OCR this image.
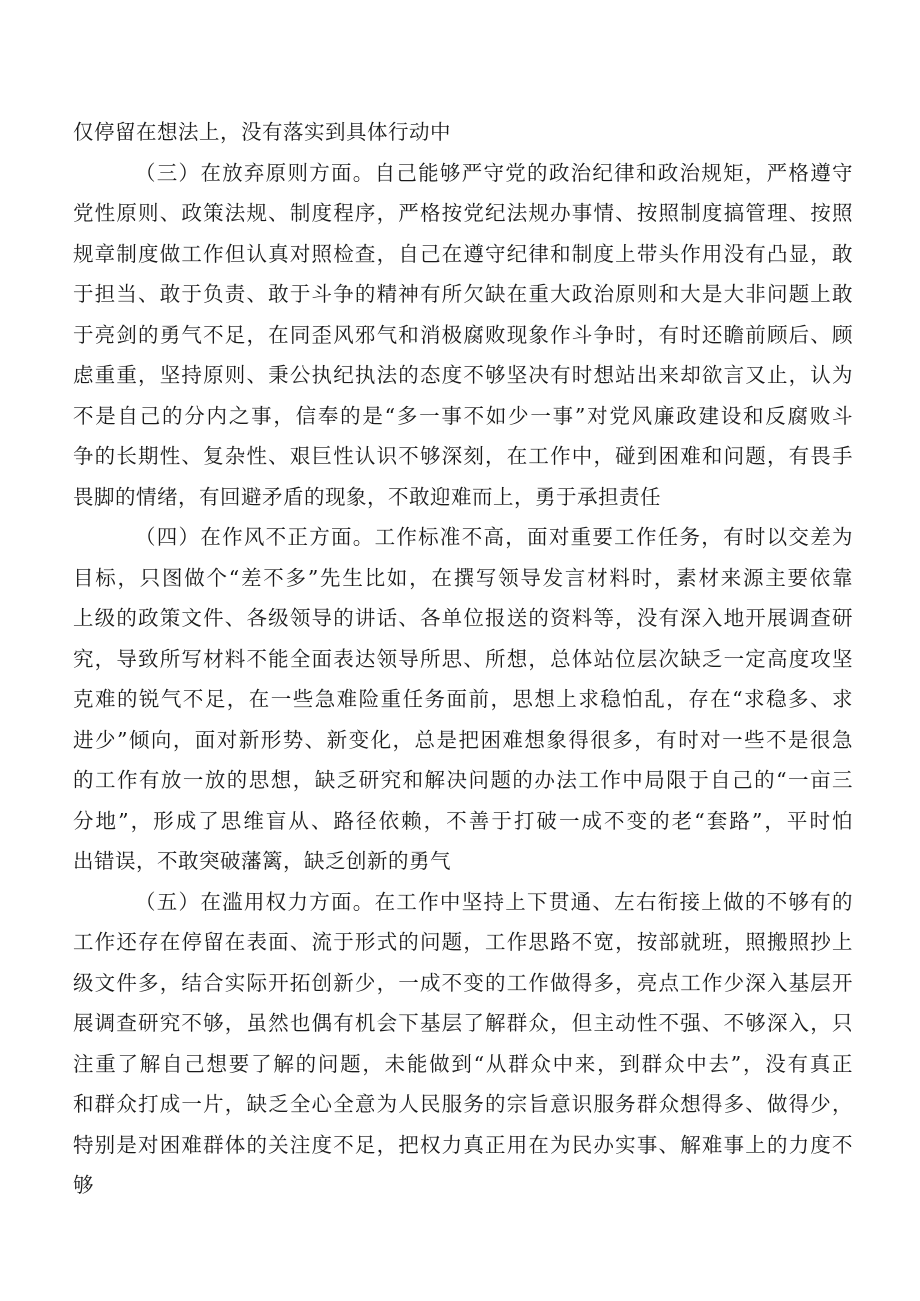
仅停留在想法上，没有落实到具体行动中
（三）在放弃原则方面。自己能够严守党的政治纪律和政治规矩，严格遵守
党性原则、政策法规、制度程序，严格按党纪法规办事情、按照制度搞管理、按照
规章制度做工作但认真对照检查，自己在遵守纪律和制度上带头作用没有凸显，敢
于担当、敢于负责、敢于斗争的精神有所欠缺在重大政治原则和大是大非问题上敢
于亮剑的勇气不足，在同歪风邪气和消极腐败现象作斗争时，有时还瞻前顾后、顾
虑重重，坚持原则、秉公执纪执法的态度不够坚决有时想站出来却欲言又止，认为
不是自己的分内之事，信奉的是“多一事不如少一事”对党风廉政建设和反腐败斗
争的长期性、复杂性、艰巨性认识不够深刻，在工作中，碰到困难和问题，有畏手
畏脚的情绪，有回避矛盾的现象，不敢迎难而上，勇于承担责任
（四）在作风不正方面。工作标准不高，面对重要工作任务，有时以交差为
目标，只图做个“差不多”先生比如，在撰写领导发言材料时，素材来源主要依靠
上级的政策文件、各级领导的讲话、各单位报送的资料等，没有深入地开展调查研
究，导致所写材料不能全面表达领导所思、所想，总体站位层次缺乏一定高度攻坚
克难的锐气不足，在一些急难险重任务面前，思想上求稳怕乱，存在“求稳多、求
进少”倾向，面对新形势、新变化，总是把困难想象得很多，有时对一些不是很急
的工作有放一放的思想，缺乏研究和解决问题的办法工作中局限于自己的“一亩三
分地”，形成了思维盲从、路径依赖，不善于打破一成不变的老“套路”，平时怕
出错误，不敢突破藩篱，缺乏创新的勇气
（五）在滥用权力方面。在工作中坚持上下贯通、左右衔接上做的不够有的
工作还存在停留在表面、流于形式的问题，工作思路不宽，按部就班，照搬照抄上
级文件多，结合实际开拓创新少，一成不变的工作做得多，亮点工作少深入基层开
展调查研究不够，虽然也偶有机会下基层了解群众，但主动性不强、不够深入，只
注重了解自己想要了解的问题，未能做到“从群众中来，到群众中去”，没有真正
和群众打成一片，缺乏全心全意为人民服务的宗旨意识服务群众想得多、做得少，
特别是对困难群体的关注度不足，把权力真正用在为民办实事、解难事上的力度不
够
